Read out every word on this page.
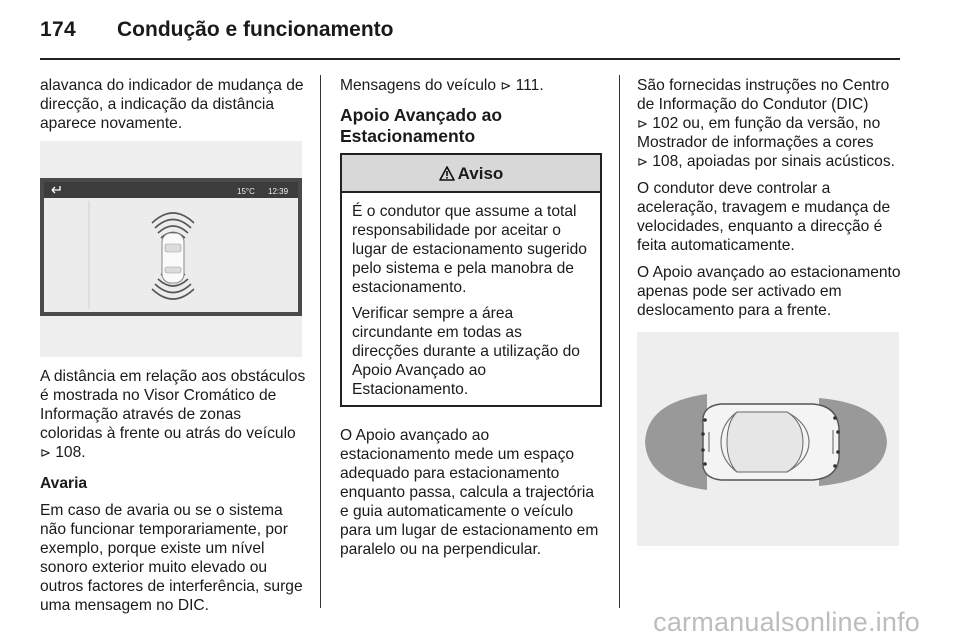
174 Condução e funcionamento

alavanca do indicador de mudança de direcção, a indicação da distância aparece novamente.

15°C 12:39

A distância em relação aos obstáculos é mostrada no Visor Cromático de Informação através de zonas coloridas à frente ou atrás do veículo ⊳ 108.

Avaria

Em caso de avaria ou se o sistema não funcionar temporariamente, por exemplo, porque existe um nível sonoro exterior muito elevado ou outros factores de interferência, surge uma mensagem no DIC.

Mensagens do veículo ⊳ 111.

Apoio Avançado ao Estacionamento
Aviso

É o condutor que assume a total responsabilidade por aceitar o lugar de estacionamento sugerido pelo sistema e pela manobra de estacionamento.

Verificar sempre a área circundante em todas as direcções durante a utilização do Apoio Avançado ao Estacionamento.

O Apoio avançado ao estacionamento mede um espaço adequado para estacionamento enquanto passa, calcula a trajectória e guia automaticamente o veículo para um lugar de estacionamento em paralelo ou na perpendicular.

São fornecidas instruções no Centro de Informação do Condutor (DIC)
⊳ 102 ou, em função da versão, no Mostrador de informações a cores
⊳ 108, apoiadas por sinais acústicos.

O condutor deve controlar a aceleração, travagem e mudança de velocidades, enquanto a direcção é feita automaticamente.

O Apoio avançado ao estacionamento apenas pode ser activado em deslocamento para a frente.

carmanualsonline.info
